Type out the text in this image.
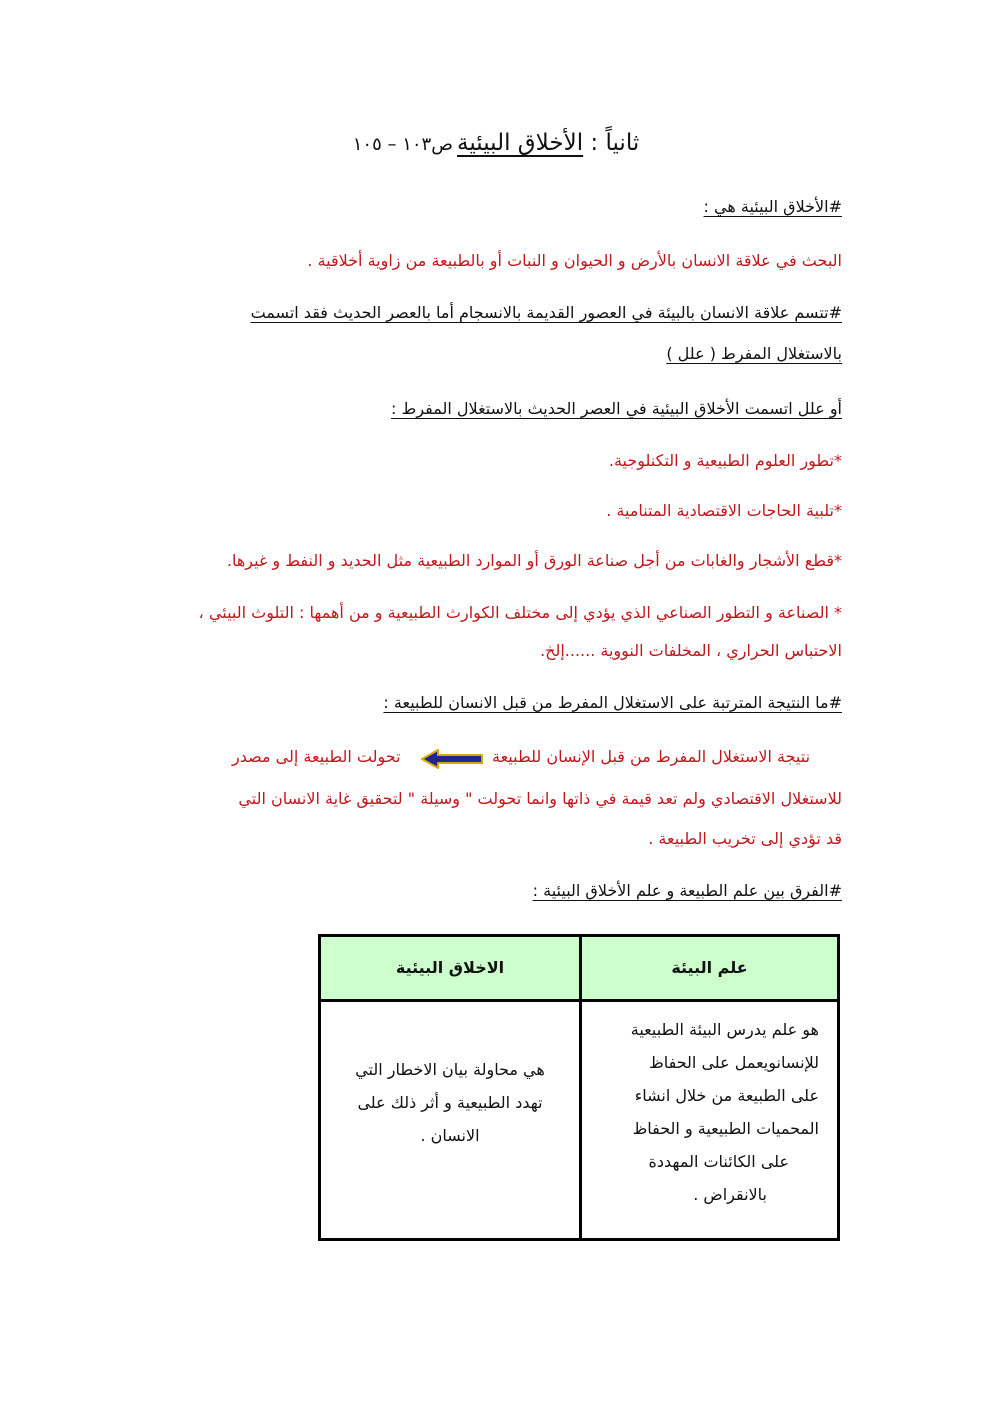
ثانياً : الأخلاق البيئيةص١٠٣ – ١٠٥
#الأخلاق البيئية هي :
البحث في علاقة الانسان بالأرض و الحيوان و النبات أو بالطبيعة من زاوية أخلاقية .
#تتسم علاقة الانسان بالبيئة في العصور القديمة بالانسجام أما بالعصر الحديث فقد اتسمت
بالاستغلال المفرط ( علل )
أو علل اتسمت الأخلاق البيئية في العصر الحديث بالاستغلال المفرط :
*تطور العلوم الطبيعية و التكنلوجية.
*تلبية الحاجات الاقتصادية المتنامية .
*قطع الأشجار والغابات من أجل صناعة الورق أو الموارد الطبيعية مثل الحديد و النفط و غيرها.
* الصناعة و التطور الصناعي الذي يؤدي إلى مختلف الكوارث الطبيعية و من أهمها : التلوث البيئي ،
الاحتباس الحراري ، المخلفات النووية ......إلخ.
#ما النتيجة المترتبة على الاستغلال المفرط من قبل الانسان للطبيعة :
نتيجة الاستغلال المفرط من قبل الإنسان للطبيعة
تحولت الطبيعة إلى مصدر
للاستغلال الاقتصادي ولم تعد قيمة في ذاتها وانما تحولت " وسيلة " لتحقيق غاية الانسان التي
قد تؤدي إلى تخريب الطبيعة .
#الفرق بين علم الطبيعة و علم الأخلاق البيئية :
علم البيئة
الاخلاق البيئية
هو علم يدرس البيئة الطبيعية
للإنسانويعمل على الحفاظ
على الطبيعة من خلال انشاء
المحميات الطبيعية و الحفاظ
على الكائنات المهددة
بالانقراض .
هي محاولة بيان الاخطار التي
تهدد الطبيعية و أثر ذلك على
الانسان .
